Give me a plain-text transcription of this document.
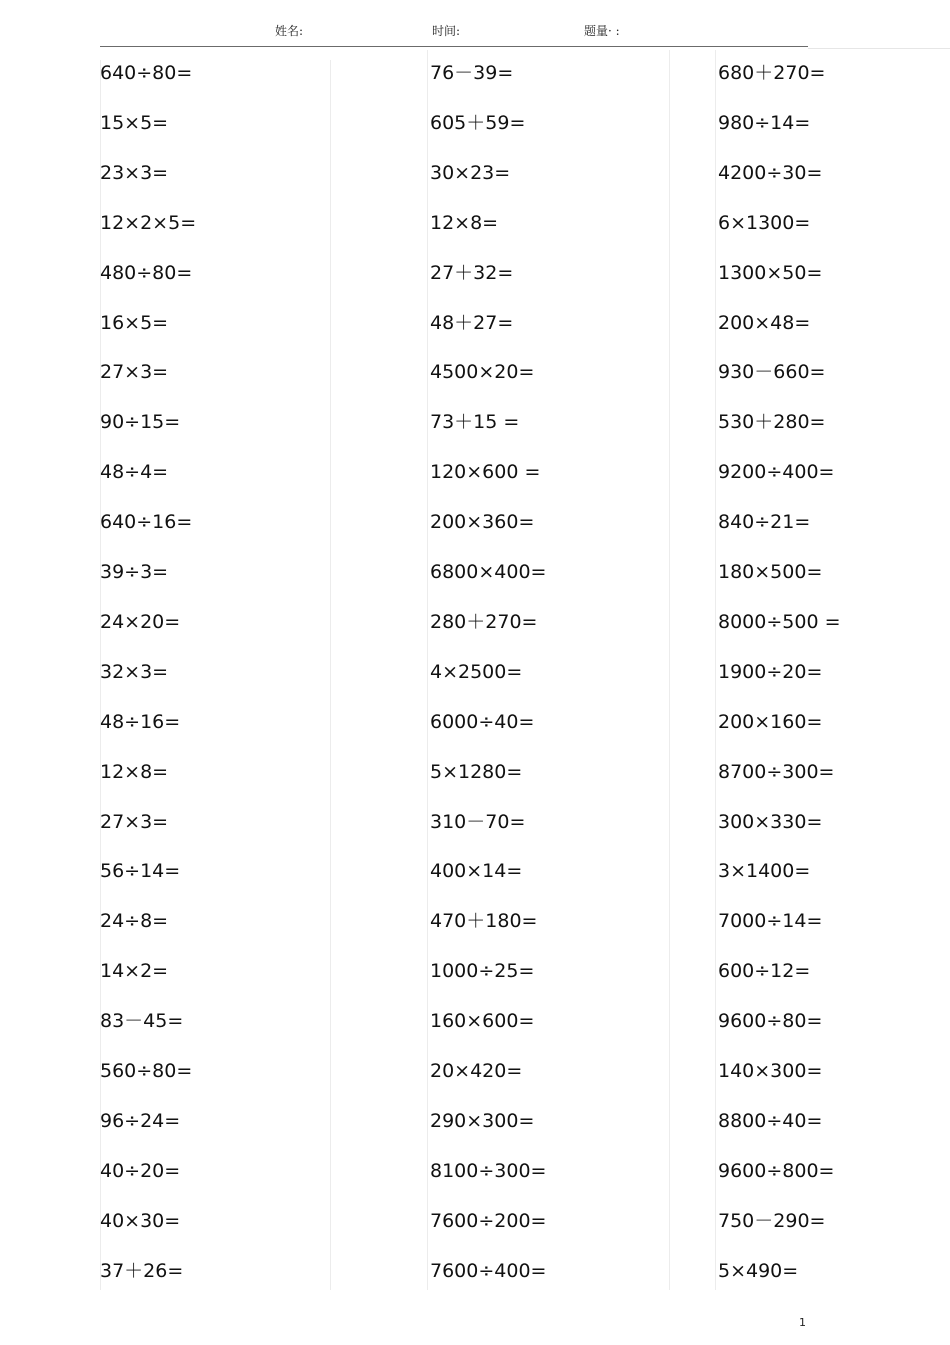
姓名:	时间:	题量· :
640÷80=
15×5=
23×3=
12×2×5=
480÷80=
16×5=
27×3=
90÷15=
48÷4=
640÷16=
39÷3=
24×20=
32×3=
48÷16=
12×8=
27×3=
56÷14=
24÷8=
14×2=
83－45=
560÷80=
96÷24=
40÷20=
40×30=
37＋26=
76－39=
605＋59=
30×23=
12×8=
27＋32=
48＋27=
4500×20=
73＋15 =
120×600 =
200×360=
6800×400=
280＋270=
4×2500=
6000÷40=
5×1280=
310－70=
400×14=
470＋180=
1000÷25=
160×600=
20×420=
290×300=
8100÷300=
7600÷200=
7600÷400=
680＋270=
980÷14=
4200÷30=
6×1300=
1300×50=
200×48=
930－660=
530＋280=
9200÷400=
840÷21=
180×500=
8000÷500 =
1900÷20=
200×160=
8700÷300=
300×330=
3×1400=
7000÷14=
600÷12=
9600÷80=
140×300=
8800÷40=
9600÷800=
750－290=
5×490=
1
